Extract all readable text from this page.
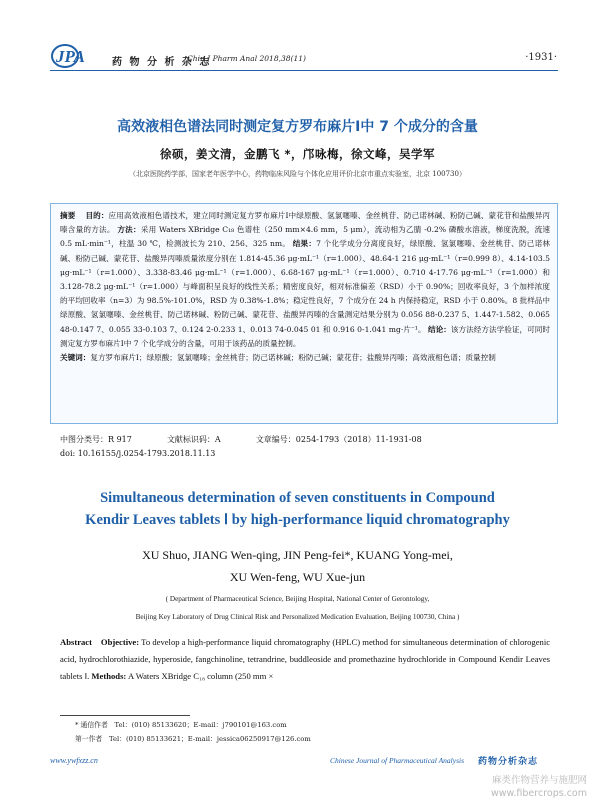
JPA	药 物 分 析 杂 志
Chin J Pharm Anal 2018,38(11)	·1931·
高效液相色谱法同时测定复方罗布麻片Ⅰ中 7 个成分的含量
徐硕，姜文清，金鹏飞 *，邝咏梅，徐文峰，吴学军
（北京医院药学部，国家老年医学中心，药物临床风险与个体化应用评价北京市重点实验室，北京 100730）
摘要 目的：应用高效液相色谱技术，建立同时测定复方罗布麻片Ⅰ中绿原酸、氢氯噻嗪、金丝桃苷、防己诺林碱、粉防己碱、蒙花苷和盐酸异丙嗪含量的方法。 方法：采用 Waters XBridge C₁₈ 色谱柱（250 mm×4.6 mm，5 μm），流动相为乙腈 -0.2% 磷酸水溶液，梯度洗脱，流速 0.5 mL·min⁻¹，柱温 30 ℃，检测波长为 210、256、325 nm。 结果：7 个化学成分分离度良好，绿原酸、氢氯噻嗪、金丝桃苷、防己诺林碱、粉防己碱、蒙花苷、盐酸异丙嗪质量浓度分别在 1.814-45.36 μg·mL⁻¹（r=1.000）、48.64-1 216 μg·mL⁻¹（r=0.999 8）、4.14-103.5 μg·mL⁻¹（r=1.000）、3.338-83.46 μg·mL⁻¹（r=1.000）、6.68-167 μg·mL⁻¹（r=1.000）、0.710 4-17.76 μg·mL⁻¹（r=1.000）和 3.128-78.2 μg·mL⁻¹（r=1.000）与峰面积呈良好的线性关系；精密度良好，相对标准偏差（RSD）小于 0.90%；回收率良好，3 个加样浓度的平均回收率（n=3）为 98.5%-101.0%，RSD 为 0.38%-1.8%；稳定性良好，7 个成分在 24 h 内保持稳定，RSD 小于 0.80%。8 批样品中绿原酸、氢氯噻嗪、金丝桃苷、防己诺林碱、粉防己碱、蒙花苷、盐酸异丙嗪的含量测定结果分别为 0.056 88-0.237 5、1.447-1.582、0.065 48-0.147 7、0.055 33-0.103 7、0.124 2-0.233 1、0.013 74-0.045 01 和 0.916 0-1.041 mg·片⁻¹。 结论：该方法经方法学验证，可同时测定复方罗布麻片Ⅰ中 7 个化学成分的含量，可用于该药品的质量控制。
关键词：复方罗布麻片Ⅰ；绿原酸；氢氯噻嗪；金丝桃苷；防己诺林碱；粉防己碱；蒙花苷；盐酸异丙嗪；高效液相色谱；质量控制
中图分类号：R 917	文献标识码：A	文章编号：0254-1793（2018）11-1931-08
doi: 10.16155/j.0254-1793.2018.11.13
Simultaneous determination of seven constituents in Compound
Kendir Leaves tablets Ⅰ by high-performance liquid chromatography
XU Shuo, JIANG Wen-qing, JIN Peng-fei*, KUANG Yong-mei,
XU Wen-feng, WU Xue-jun
( Department of Pharmaceutical Science, Beijing Hospital, National Center of Gerontology,
Beijing Key Laboratory of Drug Clinical Risk and Personalized Medication Evaluation, Beijing 100730, China )
Abstract Objective: To develop a high-performance liquid chromatography (HPLC) method for simultaneous determination of chlorogenic acid, hydrochlorothiazide, hyperoside, fangchinoline, tetrandrine, buddleoside and promethazine hydrochloride in Compound Kendir Leaves tablets Ⅰ. Methods: A Waters XBridge C₁₈ column (250 mm ×
* 通信作者　Tel：(010) 85133620；E-mail：j790101@163.com
第一作者　Tel：(010) 85133621；E-mail：jessica06250917@126.com
www.ywfxzz.cn	Chinese Journal of Pharmaceutical Analysis 药物分析杂志
麻类作物营养与施肥网
www.fibercrops.com
